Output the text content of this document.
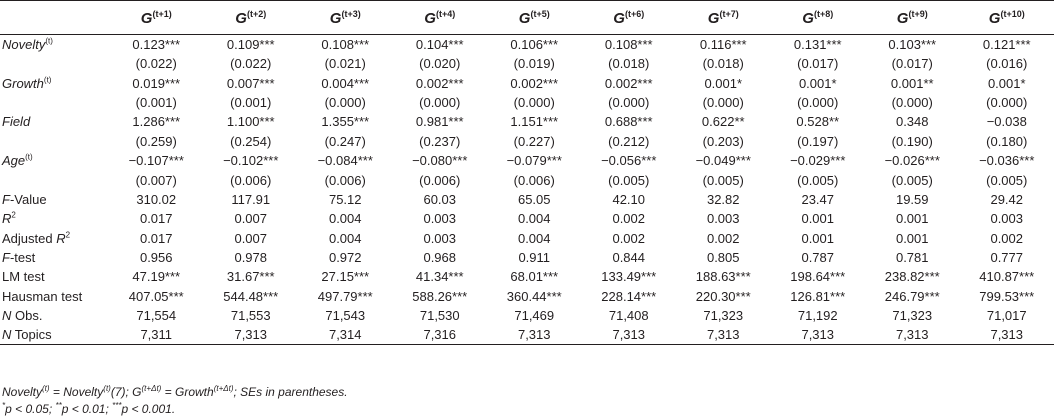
	$G^{(t+1)}$	$G^{(t+2)}$	$G^{(t+3)}$	$G^{(t+4)}$	$G^{(t+5)}$	$G^{(t+6)}$	$G^{(t+7)}$	$G^{(t+8)}$	$G^{(t+9)}$	$G^{(t+10)}$
Novelty$^{(t)}$	0.123***	0.109***	0.108***	0.104***	0.106***	0.108***	0.116***	0.131***	0.103***	0.121***
	(0.022)	(0.022)	(0.021)	(0.020)	(0.019)	(0.018)	(0.018)	(0.017)	(0.017)	(0.016)
Growth$^{(t)}$	0.019***	0.007***	0.004***	0.002***	0.002***	0.002***	0.001*	0.001*	0.001**	0.001*
	(0.001)	(0.001)	(0.000)	(0.000)	(0.000)	(0.000)	(0.000)	(0.000)	(0.000)	(0.000)
Field	1.286***	1.100***	1.355***	0.981***	1.151***	0.688***	0.622**	0.528**	0.348	−0.038
	(0.259)	(0.254)	(0.247)	(0.237)	(0.227)	(0.212)	(0.203)	(0.197)	(0.190)	(0.180)
Age$^{(t)}$	−0.107***	−0.102***	−0.084***	−0.080***	−0.079***	−0.056***	−0.049***	−0.029***	−0.026***	−0.036***
	(0.007)	(0.006)	(0.006)	(0.006)	(0.006)	(0.005)	(0.005)	(0.005)	(0.005)	(0.005)
F-Value	310.02	117.91	75.12	60.03	65.05	42.10	32.82	23.47	19.59	29.42
$R^2$	0.017	0.007	0.004	0.003	0.004	0.002	0.003	0.001	0.001	0.003
Adjusted $R^2$	0.017	0.007	0.004	0.003	0.004	0.002	0.002	0.001	0.001	0.002
F-test	0.956	0.978	0.972	0.968	0.911	0.844	0.805	0.787	0.781	0.777
LM test	47.19***	31.67***	27.15***	41.34***	68.01***	133.49***	188.63***	198.64***	238.82***	410.87***
Hausman test	407.05***	544.48***	497.79***	588.26***	360.44***	228.14***	220.30***	126.81***	246.79***	799.53***
N Obs.	71,554	71,553	71,543	71,530	71,469	71,408	71,323	71,192	71,323	71,017
N Topics	7,311	7,313	7,314	7,316	7,313	7,313	7,313	7,313	7,313	7,313
Novelty$^{(t)}$ = Novelty$^{(t)}$(7); $G^{(t+\Delta t)}$ = Growth$^{(t+\Delta t)}$; SEs in parentheses.
*p < 0.05; **p < 0.01; ***p < 0.001.
